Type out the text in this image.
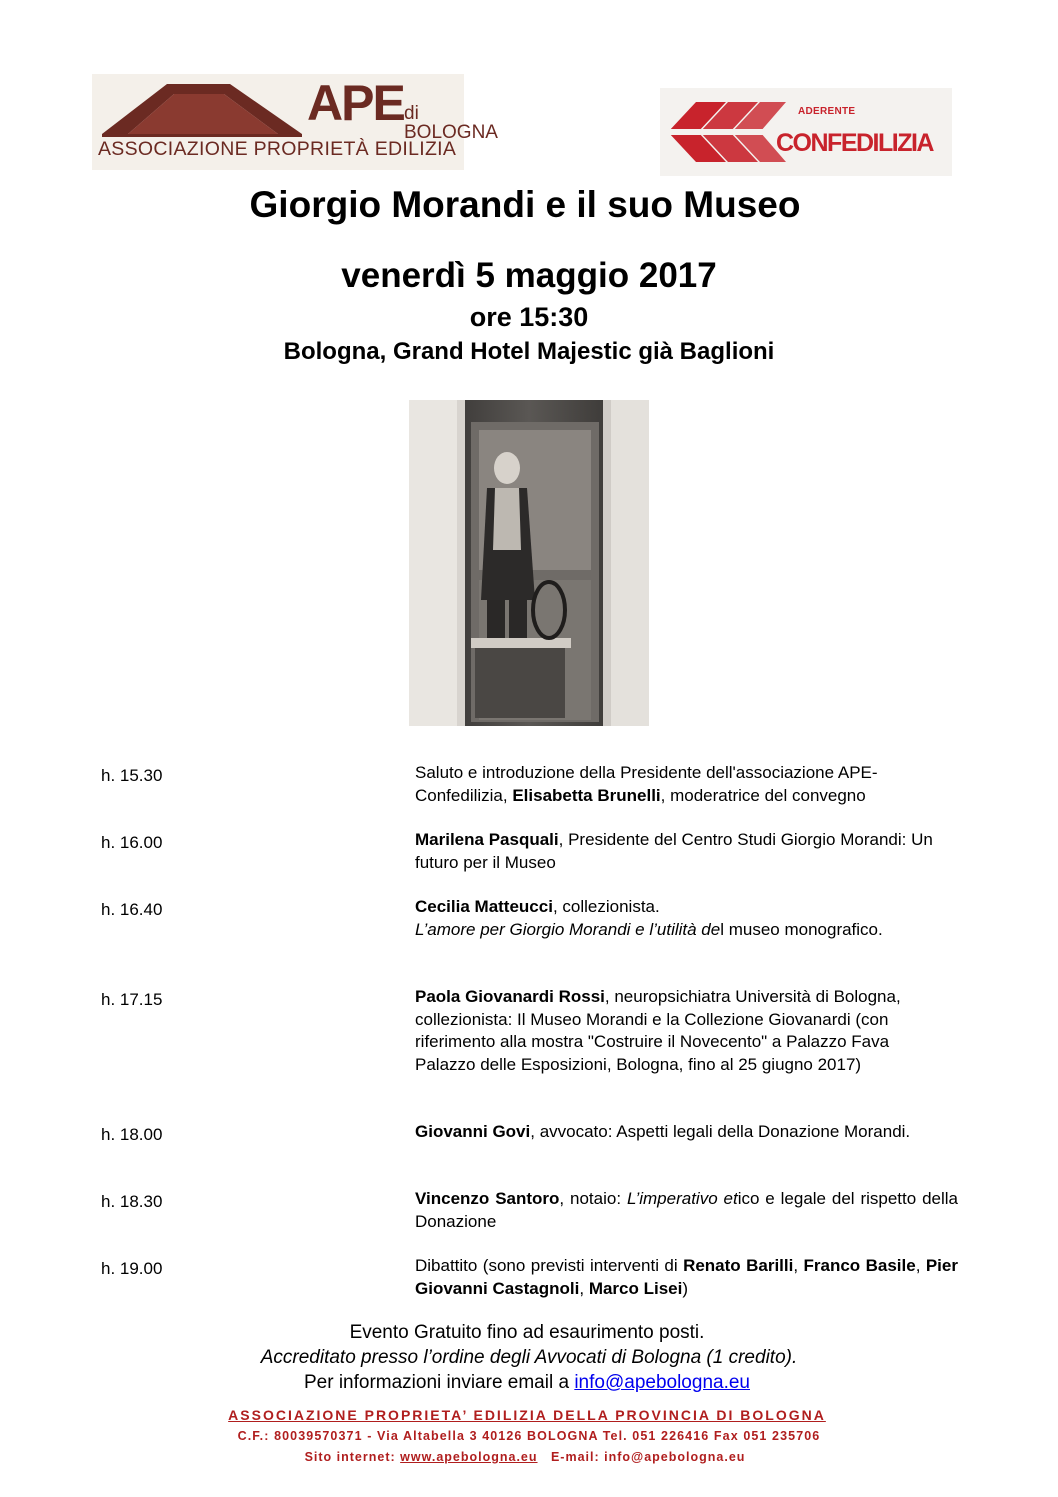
APE di BOLOGNA
ASSOCIAZIONE PROPRIETÀ EDILIZIA
ADERENTE
CONFEDILIZIA
Giorgio Morandi e il suo Museo
venerdì 5 maggio 2017
ore 15:30
Bologna, Grand Hotel Majestic già Baglioni
h. 15.30	Saluto e introduzione della Presidente dell'associazione APE-Confedilizia, Elisabetta Brunelli, moderatrice del convegno
h. 16.00	Marilena Pasquali, Presidente del Centro Studi Giorgio Morandi: Un futuro per il Museo
h. 16.40	Cecilia Matteucci, collezionista.
L’amore per Giorgio Morandi e l’utilità del museo monografico.
h. 17.15	Paola Giovanardi Rossi, neuropsichiatra Università di Bologna, collezionista: Il Museo Morandi e la Collezione Giovanardi (con riferimento alla mostra "Costruire il Novecento" a Palazzo Fava Palazzo delle Esposizioni, Bologna, fino al 25 giugno 2017)
h. 18.00	Giovanni Govi, avvocato: Aspetti legali della Donazione Morandi.
h. 18.30	Vincenzo Santoro, notaio: L’imperativo etico e legale del rispetto della Donazione
h. 19.00	Dibattito (sono previsti interventi di Renato Barilli, Franco Basile, Pier Giovanni Castagnoli, Marco Lisei)
Evento Gratuito fino ad esaurimento posti.
Accreditato presso l’ordine degli Avvocati di Bologna (1 credito).
Per informazioni inviare email a info@apebologna.eu
ASSOCIAZIONE PROPRIETA’ EDILIZIA DELLA PROVINCIA DI BOLOGNA
C.F.: 80039570371 - Via Altabella 3 40126 BOLOGNA Tel. 051 226416 Fax 051 235706
Sito internet: www.apebologna.eu   E-mail: info@apebologna.eu
